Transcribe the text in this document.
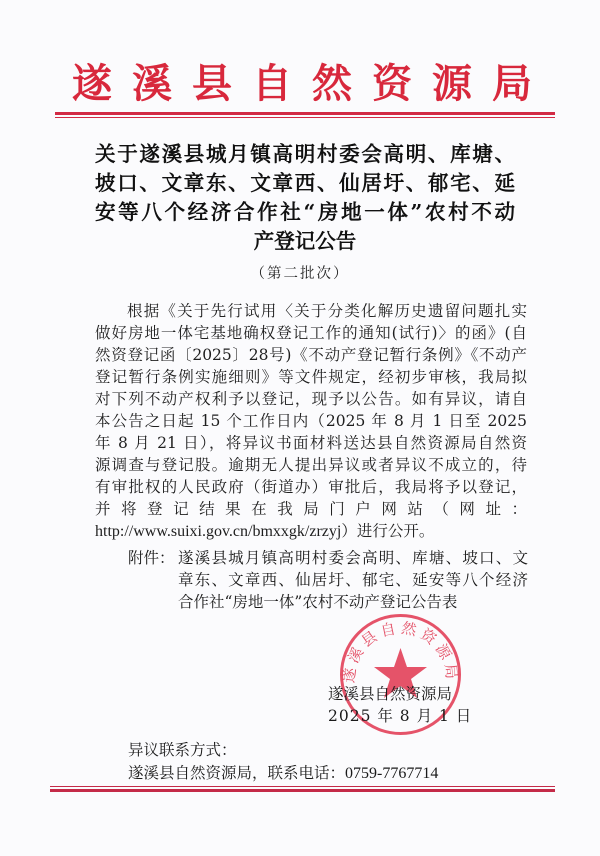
遂 溪 县 自 然 资 源 局
关于遂溪县城月镇高明村委会高明、库塘、
坡口、文章东、文章西、仙居圩、郁宅、延
安等八个经济合作社“房地一体”农村不动
产登记公告
（第二批次）
根据《关于先行试用〈关于分类化解历史遗留问题扎实
做好房地一体宅基地确权登记工作的通知(试行)〉的函》(自
然资登记函〔2025〕28号)《不动产登记暂行条例》《不动产
登记暂行条例实施细则》等文件规定，经初步审核，我局拟
对下列不动产权利予以登记，现予以公告。如有异议，请自
本公告之日起 15 个工作日内（2025 年 8 月 1 日至 2025
年 8 月 21 日），将异议书面材料送达县自然资源局自然资
源调查与登记股。逾期无人提出异议或者异议不成立的，待
有审批权的人民政府（街道办）审批后，我局将予以登记，
并将登记结果在我局门户网站（网址：
http://www.suixi.gov.cn/bmxxgk/zrzyj）进行公开。
附件： 遂溪县城月镇高明村委会高明、库塘、坡口、文
章东、文章西、仙居圩、郁宅、延安等八个经济
合作社“房地一体”农村不动产登记公告表
遂溪县自然资源局
遂溪县自然资源局
2025 年 8 月 1 日
异议联系方式：
遂溪县自然资源局，联系电话：0759-7767714
